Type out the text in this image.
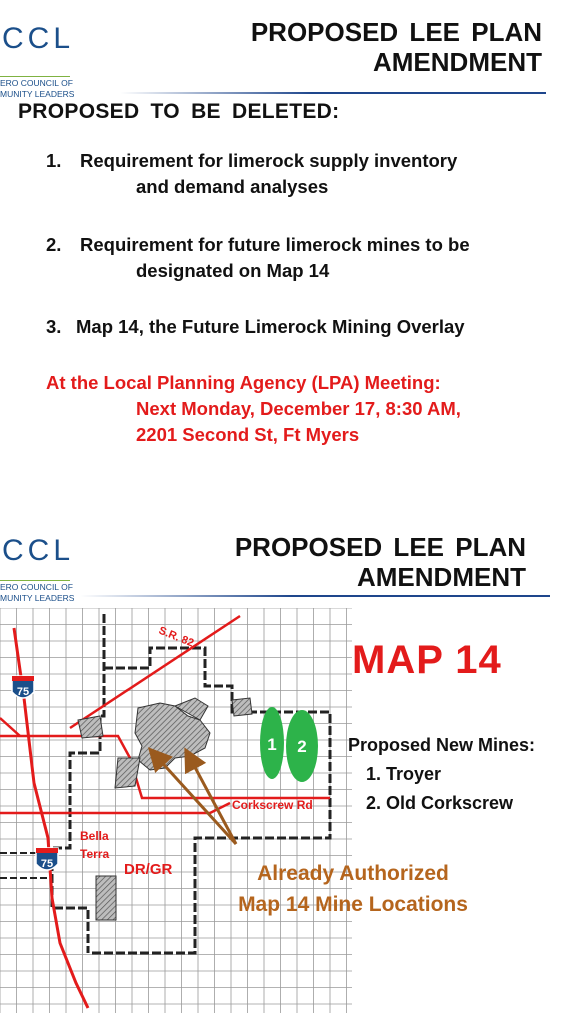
CCL
ERO COUNCIL OF
MUNITY LEADERS
PROPOSED LEE PLAN
AMENDMENT
PROPOSED TO BE DELETED:
1.	Requirement for limerock supply inventory
and demand analyses
2.	Requirement for future limerock mines to be
designated on Map 14
3. Map 14, the Future Limerock Mining Overlay
At the Local Planning Agency (LPA) Meeting:
Next Monday, December 17, 8:30 AM,
2201 Second St, Ft Myers
CCL
ERO COUNCIL OF
MUNITY LEADERS
PROPOSED LEE PLAN
AMENDMENT
1 2
75
75
S.R. 82
Corkscrew Rd
Bella
Terra
DR/GR
MAP 14
Proposed New Mines:
1. Troyer
2. Old Corkscrew
Already Authorized
Map 14 Mine Locations
